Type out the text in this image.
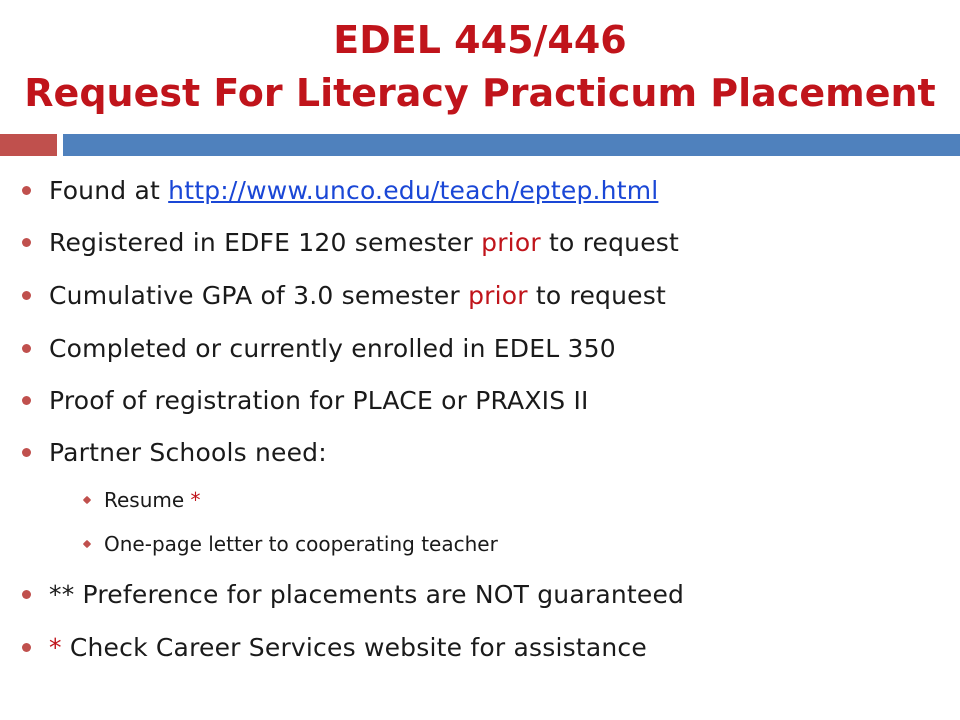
EDEL 445/446
Request For Literacy Practicum Placement
Found at http://www.unco.edu/teach/eptep.html
Registered in EDFE 120 semester prior to request
Cumulative GPA of 3.0 semester prior to request
Completed or currently enrolled in EDEL 350
Proof of registration for PLACE or PRAXIS II
Partner Schools need:
Resume *
One-page letter to cooperating teacher
** Preference for placements are NOT guaranteed
* Check Career Services website for assistance
